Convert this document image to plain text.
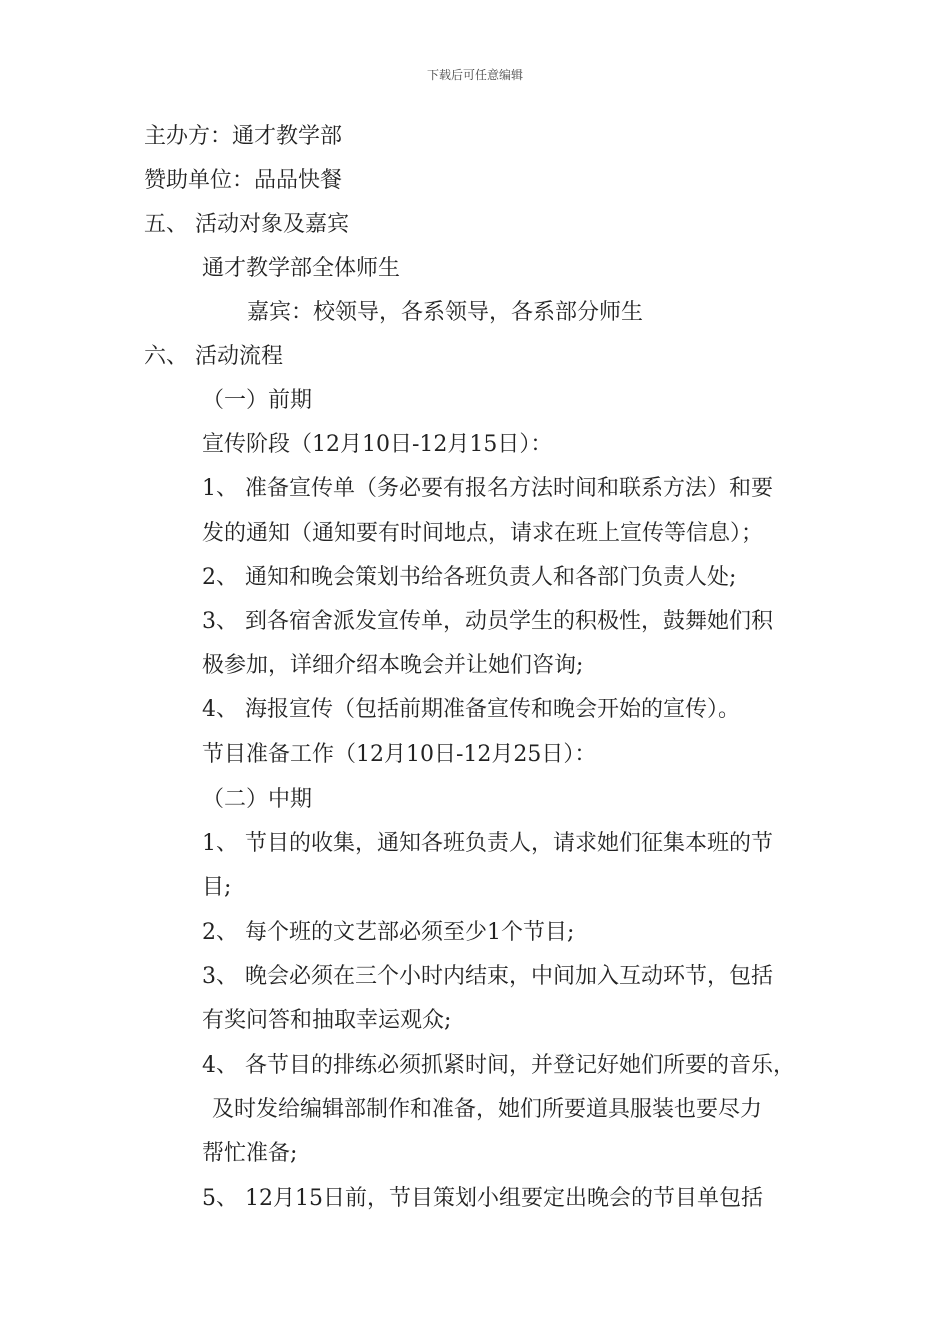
下载后可任意编辑
主办方：通才教学部
赞助单位：品品快餐
五、 活动对象及嘉宾
通才教学部全体师生
嘉宾：校领导，各系领导，各系部分师生
六、 活动流程
（一）前期
宣传阶段（12月10日-12月15日）：
1、 准备宣传单（务必要有报名方法时间和联系方法）和要
发的通知（通知要有时间地点，请求在班上宣传等信息）；
2、 通知和晚会策划书给各班负责人和各部门负责人处;
3、 到各宿舍派发宣传单，动员学生的积极性，鼓舞她们积
极参加，详细介绍本晚会并让她们咨询;
4、 海报宣传（包括前期准备宣传和晚会开始的宣传）。
节目准备工作（12月10日-12月25日）：
（二）中期
1、 节目的收集，通知各班负责人，请求她们征集本班的节
目;
2、 每个班的文艺部必须至少1个节目;
3、 晚会必须在三个小时内结束，中间加入互动环节，包括
有奖问答和抽取幸运观众;
4、 各节目的排练必须抓紧时间，并登记好她们所要的音乐，
及时发给编辑部制作和准备，她们所要道具服装也要尽力
帮忙准备;
5、 12月15日前，节目策划小组要定出晚会的节目单包括
